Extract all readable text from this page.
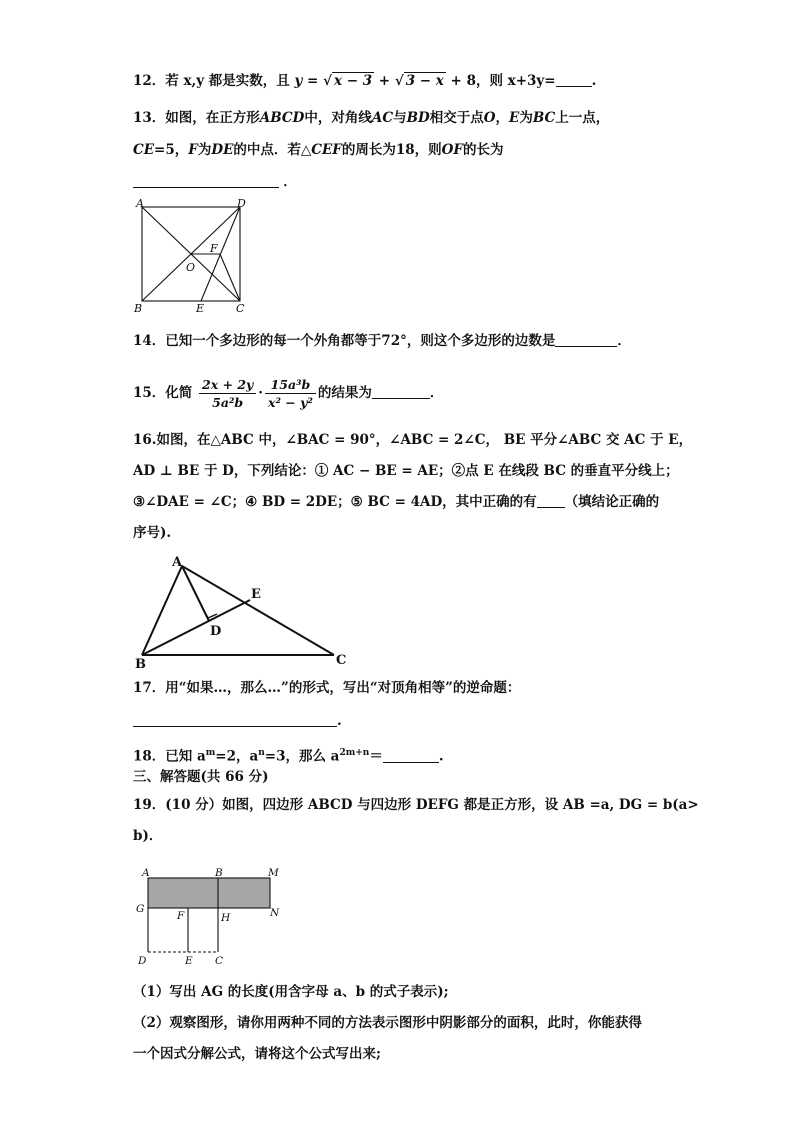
12．若 x,y 都是实数，且 y = √ x − 3 + √ 3 − x + 8，则 x+3y=	.
13．如图，在正方形ABCD中，对角线AC与BD相交于点O，E为BC上一点，
CE=5，F为DE的中点．若△CEF的周长为18，则OF的长为
．
A	D
F
O
B	E	C
14．已知一个多边形的每一个外角都等于72°，则这个多边形的边数是	．
15．化简 $\frac{2x + 2y}{\text{5a²b}} \cdot \frac{\text{15a³b}}{\text{x² − y²}}$ 的结果为	．
16.如图，在△ABC 中，∠BAC = 90°，∠ABC = 2∠C， BE 平分∠ABC 交 AC 于 E，
AD ⊥ BE 于 D，下列结论：① AC − BE = AE；②点 E 在线段 BC 的垂直平分线上；
③∠DAE = ∠C；④ BD = 2DE；⑤ BC = 4AD，其中正确的有 （填结论正确的
序号).
A
E
D
B	C
17．用“如果…，那么…”的形式，写出“对顶角相等”的逆命题：
.
18．已知 $a^m=2$，$a^n=3$，那么 $a^{2m+n}=$	.
三、解答题(共 66 分)
19．(10 分）如图，四边形 ABCD 与四边形 DEFG 都是正方形，设 AB =a, DG = b(a>
b)．
A	B	M
G
F	H	N
D	E C
（1）写出 AG 的长度(用含字母 a、b 的式子表示);
（2）观察图形，请你用两种不同的方法表示图形中阴影部分的面积，此时，你能获得
一个因式分解公式，请将这个公式写出来;
